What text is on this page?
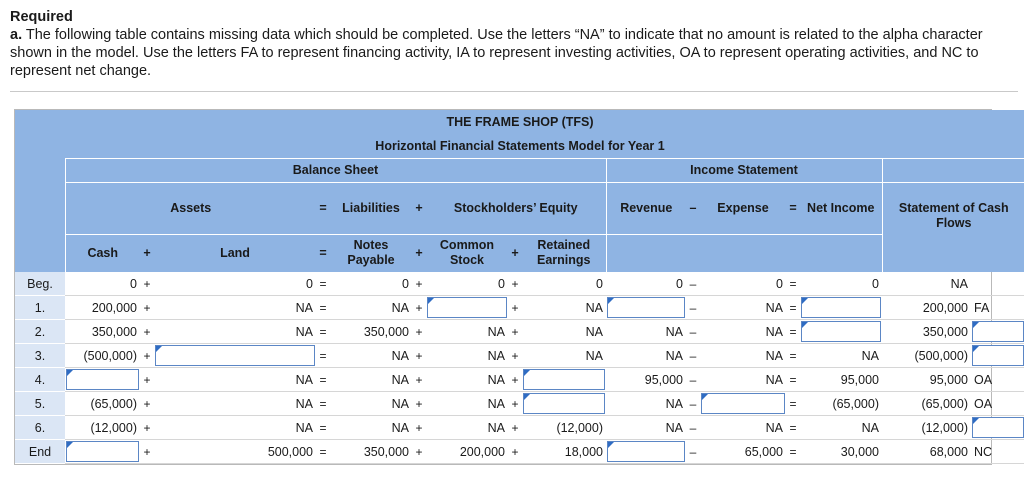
Required
a. The following table contains missing data which should be completed. Use the letters “NA” to indicate that no amount is related to the alpha character shown in the model. Use the letters FA to represent financing activity, IA to represent investing activities, OA to represent operating activities, and NC to represent net change.
THE FRAME SHOP (TFS)																
Horizontal Financial Statements Model for Year 1																
	Balance Sheet									Income Statement						
	Assets			=	Liabilities	+	Stockholders’ Equity			Revenue	–	Expense	=	Net Income	Statement of Cash Flows	
	Cash	+	Land	=	Notes Payable	+	Common Stock	+	Retained Earnings							
Beg.	0	+	0	=	0	+	0	+	0	0	–	0	=	0	NA	
1.	200,000	+	NA	=	NA	+		+	NA		–	NA	=		200,000	FA
2.	350,000	+	NA	=	350,000	+	NA	+	NA	NA	–	NA	=		350,000	

3.	(500,000)	+		=	NA	+	NA	+	NA	NA	–	NA	=	NA	(500,000)	

4.		+	NA	=	NA	+	NA	+		95,000	–	NA	=	95,000	95,000	OA
5.	(65,000)	+	NA	=	NA	+	NA	+		NA	–		=	(65,000)	(65,000)	OA
6.	(12,000)	+	NA	=	NA	+	NA	+	(12,000)	NA	–	NA	=	NA	(12,000)	

End		+	500,000	=	350,000	+	200,000	+	18,000		–	65,000	=	30,000	68,000	NC
